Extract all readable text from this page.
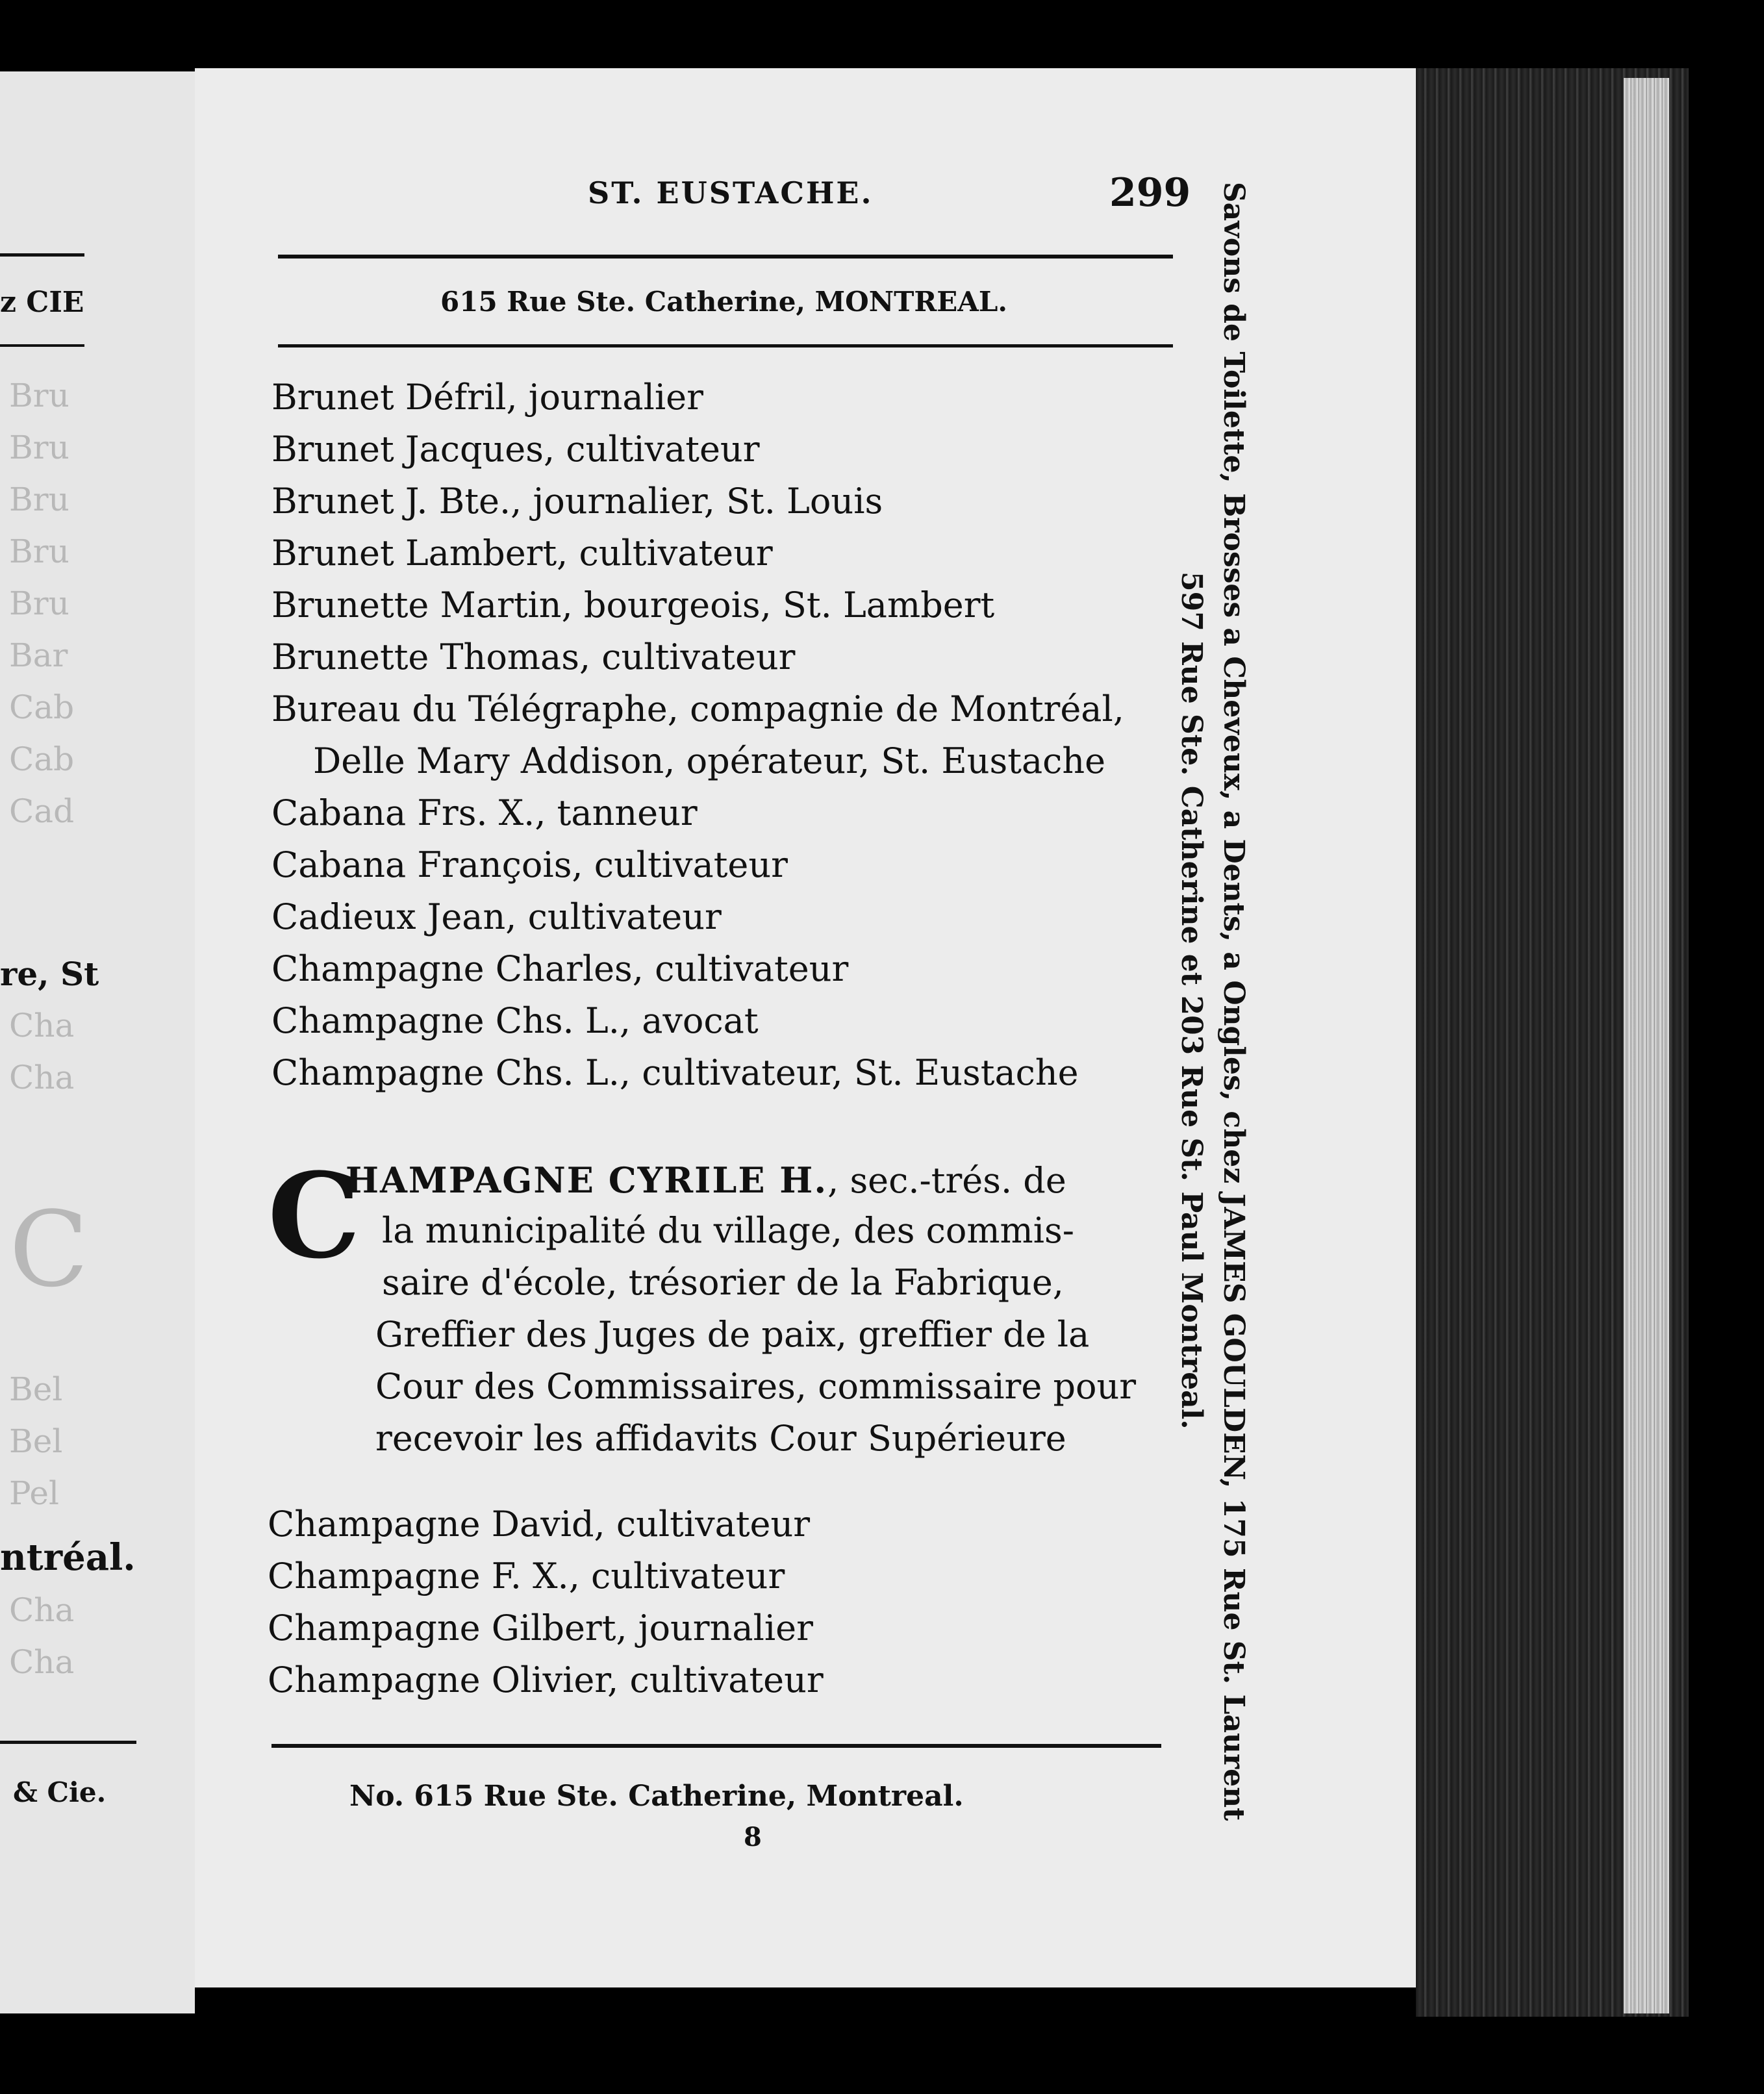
z CIE
Bru
Bru
Bru
Bru
Bru
Bar
Cab
Cab
Cad
re, St
Cha
Cha
C
Bel
Bel
Pel
ntréal.
Cha
Cha
& Cie.
ST. EUSTACHE.	299
615 Rue Ste. Catherine, MONTREAL.
Brunet Défril, journalier
Brunet Jacques, cultivateur
Brunet J. Bte., journalier, St. Louis
Brunet Lambert, cultivateur
Brunette Martin, bourgeois, St. Lambert
Brunette Thomas, cultivateur
Bureau du Télégraphe, compagnie de Montréal,
Delle Mary Addison, opérateur, St. Eustache
Cabana Frs. X., tanneur
Cabana François, cultivateur
Cadieux Jean, cultivateur
Champagne Charles, cultivateur
Champagne Chs. L., avocat
Champagne Chs. L., cultivateur, St. Eustache
C
HAMPAGNE CYRILE H., sec.-trés. de
la municipalité du village, des commis-
saire d'école, trésorier de la Fabrique,
Greffier des Juges de paix, greffier de la
Cour des Commissaires, commissaire pour
recevoir les affidavits Cour Supérieure
Champagne David, cultivateur
Champagne F. X., cultivateur
Champagne Gilbert, journalier
Champagne Olivier, cultivateur
No. 615 Rue Ste. Catherine, Montreal.
8
Savons de Toilette, Brosses a Cheveux, a Dents, a Ongles, chez JAMES GOULDEN, 175 Rue St. Laurent
597 Rue Ste. Catherine et 203 Rue St. Paul Montreal.
